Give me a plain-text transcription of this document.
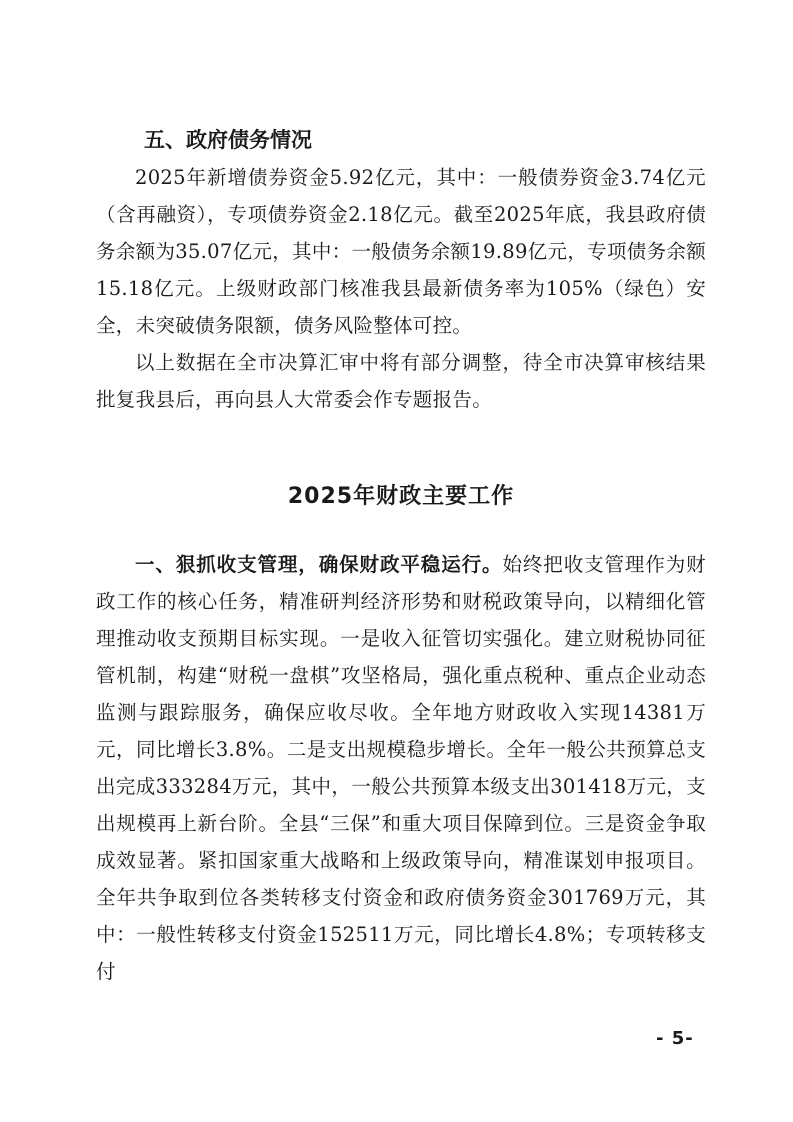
五、政府债务情况

2025年新增债券资金5.92亿元，其中：一般债券资金3.74亿元（含再融资），专项债券资金2.18亿元。截至2025年底，我县政府债务余额为35.07亿元，其中：一般债务余额19.89亿元，专项债务余额15.18亿元。上级财政部门核准我县最新债务率为105%（绿色）安全，未突破债务限额，债务风险整体可控。

以上数据在全市决算汇审中将有部分调整，待全市决算审核结果批复我县后，再向县人大常委会作专题报告。

2025年财政主要工作

一、狠抓收支管理，确保财政平稳运行。始终把收支管理作为财政工作的核心任务，精准研判经济形势和财税政策导向，以精细化管理推动收支预期目标实现。一是收入征管切实强化。建立财税协同征管机制，构建“财税一盘棋”攻坚格局，强化重点税种、重点企业动态监测与跟踪服务，确保应收尽收。全年地方财政收入实现14381万元，同比增长3.8%。二是支出规模稳步增长。全年一般公共预算总支出完成333284万元，其中，一般公共预算本级支出301418万元，支出规模再上新台阶。全县“三保”和重大项目保障到位。三是资金争取成效显著。紧扣国家重大战略和上级政策导向，精准谋划申报项目。全年共争取到位各类转移支付资金和政府债务资金301769万元，其中：一般性转移支付资金152511万元，同比增长4.8%；专项转移支付

- 5-
